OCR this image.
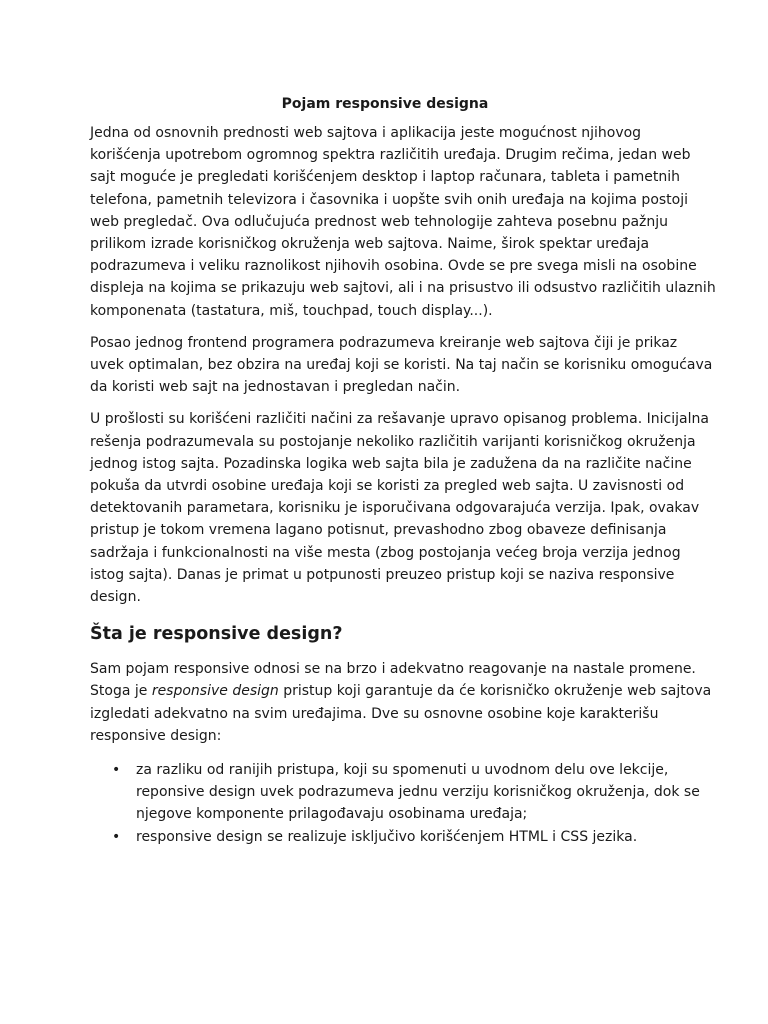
Pojam responsive designa
Jedna od osnovnih prednosti web sajtova i aplikacija jeste mogućnost njihovog
korišćenja upotrebom ogromnog spektra različitih uređaja. Drugim rečima, jedan web
sajt moguće je pregledati korišćenjem desktop i laptop računara, tableta i pametnih
telefona, pametnih televizora i časovnika i uopšte svih onih uređaja na kojima postoji
web pregledač. Ova odlučujuća prednost web tehnologije zahteva posebnu pažnju
prilikom izrade korisničkog okruženja web sajtova. Naime, širok spektar uređaja
podrazumeva i veliku raznolikost njihovih osobina. Ovde se pre svega misli na osobine
displeja na kojima se prikazuju web sajtovi, ali i na prisustvo ili odsustvo različitih ulaznih
komponenata (tastatura, miš, touchpad, touch display...).
Posao jednog frontend programera podrazumeva kreiranje web sajtova čiji je prikaz
uvek optimalan, bez obzira na uređaj koji se koristi. Na taj način se korisniku omogućava
da koristi web sajt na jednostavan i pregledan način.
U prošlosti su korišćeni različiti načini za rešavanje upravo opisanog problema. Inicijalna
rešenja podrazumevala su postojanje nekoliko različitih varijanti korisničkog okruženja
jednog istog sajta. Pozadinska logika web sajta bila je zadužena da na različite načine
pokuša da utvrdi osobine uređaja koji se koristi za pregled web sajta. U zavisnosti od
detektovanih parametara, korisniku je isporučivana odgovarajuća verzija. Ipak, ovakav
pristup je tokom vremena lagano potisnut, prevashodno zbog obaveze definisanja
sadržaja i funkcionalnosti na više mesta (zbog postojanja većeg broja verzija jednog
istog sajta). Danas je primat u potpunosti preuzeo pristup koji se naziva responsive
design.
Šta je responsive design?
Sam pojam responsive odnosi se na brzo i adekvatno reagovanje na nastale promene.
Stoga je responsive design pristup koji garantuje da će korisničko okruženje web sajtova
izgledati adekvatno na svim uređajima. Dve su osnovne osobine koje karakterišu
responsive design:
• za razliku od ranijih pristupa, koji su spomenuti u uvodnom delu ove lekcije,
reponsive design uvek podrazumeva jednu verziju korisničkog okruženja, dok se
njegove komponente prilagođavaju osobinama uređaja;
• responsive design se realizuje isključivo korišćenjem HTML i CSS jezika.
